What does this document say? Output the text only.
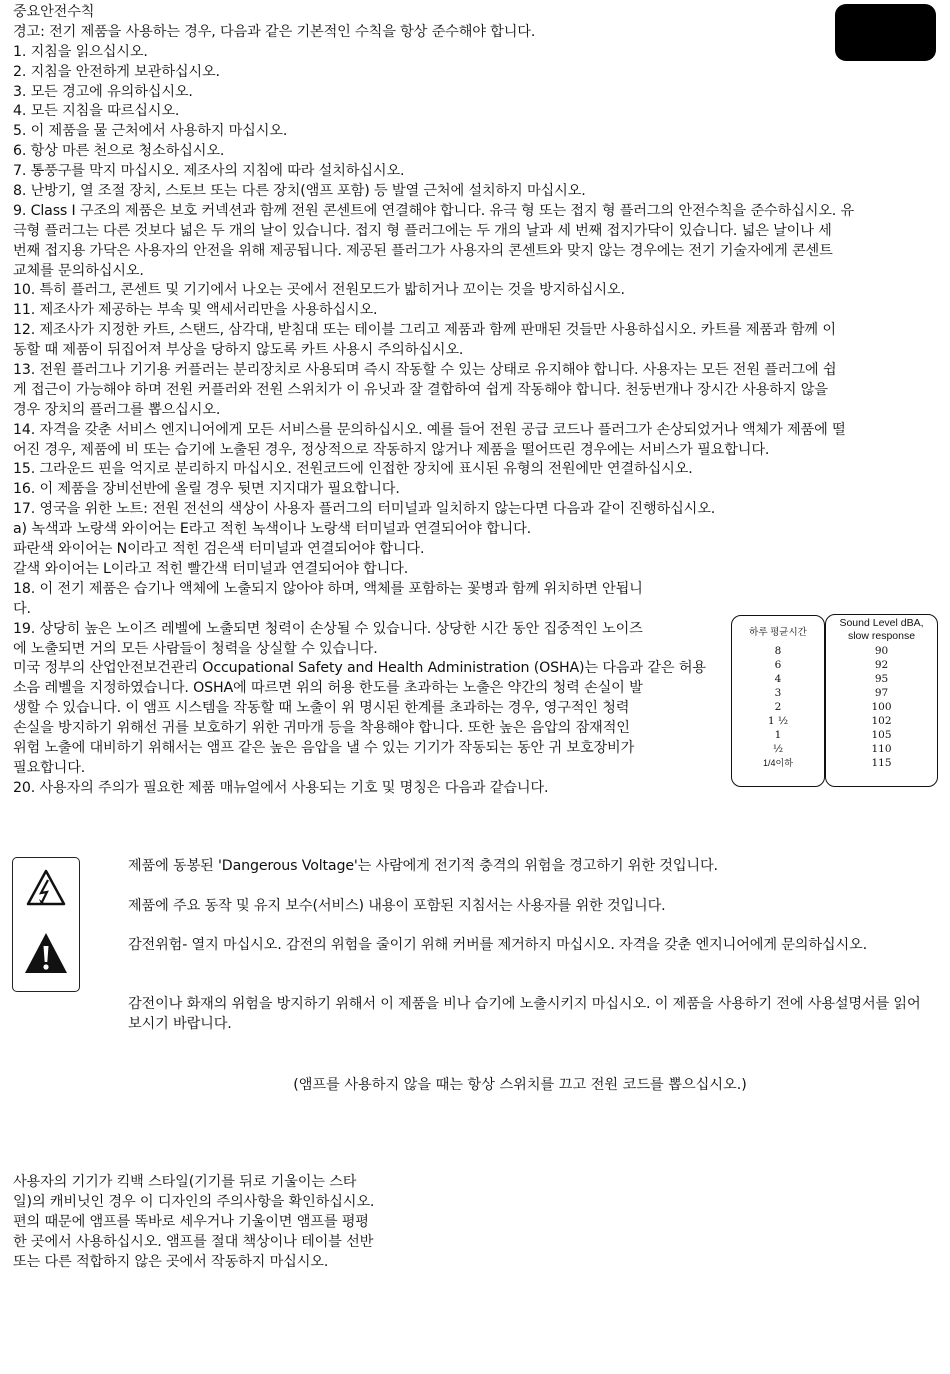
중요안전수칙
경고: 전기 제품을 사용하는 경우, 다음과 같은 기본적인 수칙을 항상 준수해야 합니다.
1. 지침을 읽으십시오.
2. 지침을 안전하게 보관하십시오.
3. 모든 경고에 유의하십시오.
4. 모든 지침을 따르십시오.
5. 이 제품을 물 근처에서 사용하지 마십시오.
6. 항상 마른 천으로 청소하십시오.
7. 통풍구를 막지 마십시오. 제조사의 지침에 따라 설치하십시오.
8. 난방기, 열 조절 장치, 스토브 또는 다른 장치(앰프 포함) 등 발열 근처에 설치하지 마십시오.
9. Class I 구조의 제품은 보호 커넥션과 함께 전원 콘센트에 연결해야 합니다. 유극 형 또는 접지 형 플러그의 안전수칙을 준수하십시오. 유
극형 플러그는 다른 것보다 넓은 두 개의 날이 있습니다. 접지 형 플러그에는 두 개의 날과 세 번째 접지가닥이 있습니다. 넓은 날이나 세
번째 접지용 가닥은 사용자의 안전을 위해 제공됩니다. 제공된 플러그가 사용자의 콘센트와 맞지 않는 경우에는 전기 기술자에게 콘센트
교체를 문의하십시오.
10. 특히 플러그, 콘센트 및 기기에서 나오는 곳에서 전원모드가 밟히거나 꼬이는 것을 방지하십시오.
11. 제조사가 제공하는 부속 및 액세서리만을 사용하십시오.
12. 제조사가 지정한 카트, 스탠드, 삼각대, 받침대 또는 테이블 그리고 제품과 함께 판매된 것들만 사용하십시오. 카트를 제품과 함께 이
동할 때 제품이 뒤집어져 부상을 당하지 않도록 카트 사용시 주의하십시오.
13. 전원 플러그나 기기용 커플러는 분리장치로 사용되며 즉시 작동할 수 있는 상태로 유지해야 합니다. 사용자는 모든 전원 플러그에 쉽
게 접근이 가능해야 하며 전원 커플러와 전원 스위치가 이 유닛과 잘 결합하여 쉽게 작동해야 합니다. 천둥번개나 장시간 사용하지 않을
경우 장치의 플러그를 뽑으십시오.
14. 자격을 갖춘 서비스 엔지니어에게 모든 서비스를 문의하십시오. 예를 들어 전원 공급 코드나 플러그가 손상되었거나 액체가 제품에 떨
어진 경우, 제품에 비 또는 습기에 노출된 경우, 정상적으로 작동하지 않거나 제품을 떨어뜨린 경우에는 서비스가 필요합니다.
15. 그라운드 핀을 억지로 분리하지 마십시오. 전원코드에 인접한 장치에 표시된 유형의 전원에만 연결하십시오.
16. 이 제품을 장비선반에 올릴 경우 뒷면 지지대가 필요합니다.
17. 영국을 위한 노트: 전원 전선의 색상이 사용자 플러그의 터미널과 일치하지 않는다면 다음과 같이 진행하십시오.
a) 녹색과 노랑색 와이어는 E라고 적힌 녹색이나 노랑색 터미널과 연결되어야 합니다.
파란색 와이어는 N이라고 적힌 검은색 터미널과 연결되어야 합니다.
갈색 와이어는 L이라고 적힌 빨간색 터미널과 연결되어야 합니다.
18. 이 전기 제품은 습기나 액체에 노출되지 않아야 하며, 액체를 포함하는 꽃병과 함께 위치하면 안됩니
다.
19. 상당히 높은 노이즈 레벨에 노출되면 청력이 손상될 수 있습니다. 상당한 시간 동안 집중적인 노이즈
에 노출되면 거의 모든 사람들이 청력을 상실할 수 있습니다.
미국 정부의 산업안전보건관리 Occupational Safety and Health Administration (OSHA)는 다음과 같은 허용
소음 레벨을 지정하였습니다. OSHA에 따르면 위의 허용 한도를 초과하는 노출은 약간의 청력 손실이 발
생할 수 있습니다. 이 앰프 시스템을 작동할 때 노출이 위 명시된 한계를 초과하는 경우, 영구적인 청력
손실을 방지하기 위해선 귀를 보호하기 위한 귀마개 등을 착용해야 합니다. 또한 높은 음압의 잠재적인
위험 노출에 대비하기 위해서는 앰프 같은 높은 음압을 낼 수 있는 기기가 작동되는 동안 귀 보호장비가
필요합니다.
20. 사용자의 주의가 필요한 제품 매뉴얼에서 사용되는 기호 및 명칭은 다음과 같습니다.
하루 평균시간
8
6
4
3
2
1 ½
1
½
1/4이하
Sound Level dBA,
slow response
90
92
95
97
100
102
105
110
115
제품에 동봉된 'Dangerous Voltage'는 사람에게 전기적 충격의 위험을 경고하기 위한 것입니다.
제품에 주요 동작 및 유지 보수(서비스) 내용이 포함된 지침서는 사용자를 위한 것입니다.
감전위험- 열지 마십시오. 감전의 위험을 줄이기 위해 커버를 제거하지 마십시오. 자격을 갖춘 엔지니어에게 문의하십시오.
감전이나 화재의 위험을 방지하기 위해서 이 제품을 비나 습기에 노출시키지 마십시오. 이 제품을 사용하기 전에 사용설명서를 읽어보시기 바랍니다.
(앰프를 사용하지 않을 때는 항상 스위치를 끄고 전원 코드를 뽑으십시오.)
사용자의 기기가 킥백 스타일(기기를 뒤로 기울이는 스타
일)의 캐비닛인 경우 이 디자인의 주의사항을 확인하십시오.
편의 때문에 앰프를 똑바로 세우거나 기울이면 앰프를 평평
한 곳에서 사용하십시오. 앰프를 절대 책상이나 테이블 선반
또는 다른 적합하지 않은 곳에서 작동하지 마십시오.
